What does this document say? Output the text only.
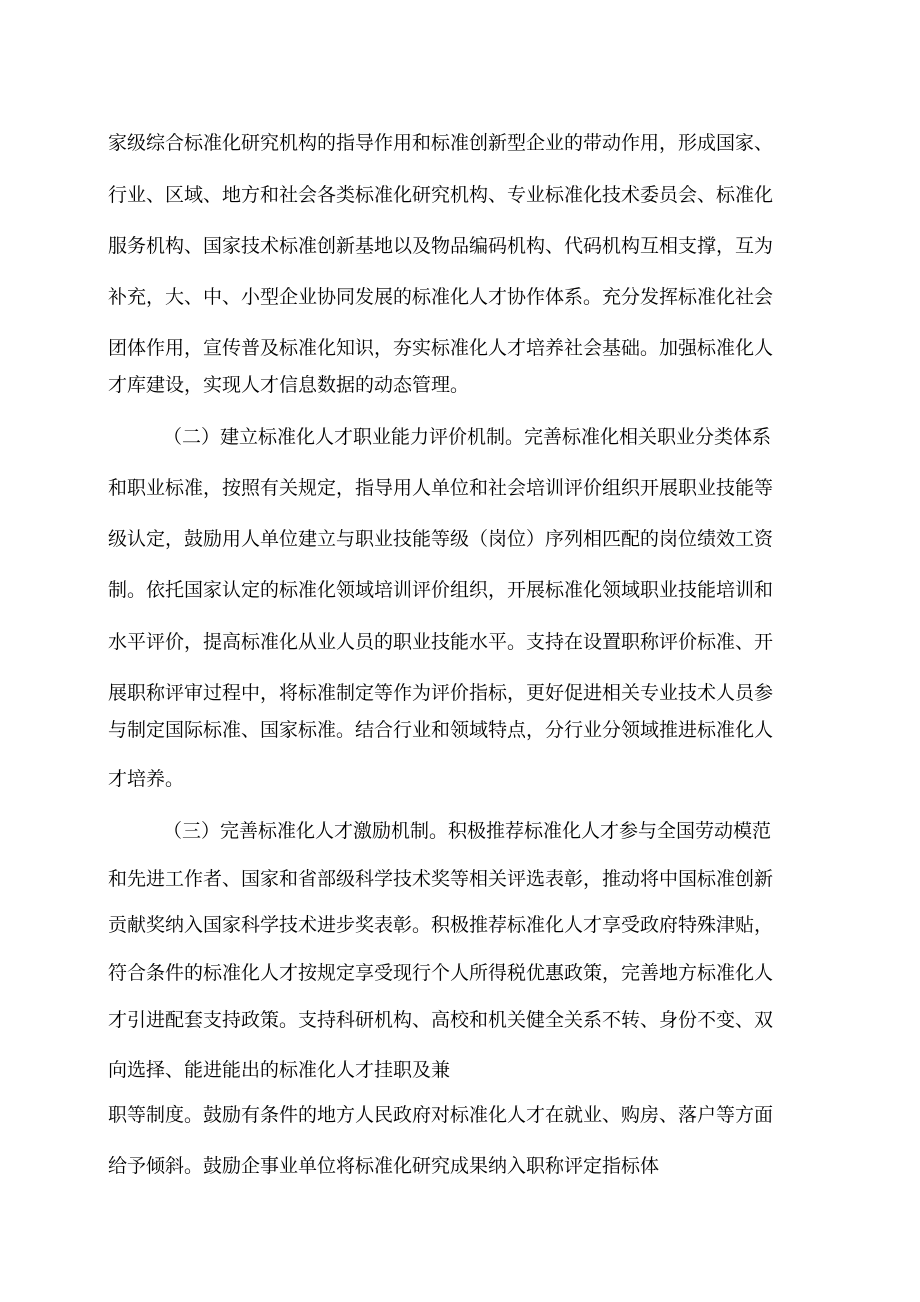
家级综合标准化研究机构的指导作用和标准创新型企业的带动作用，形成国家、

行业、区域、地方和社会各类标准化研究机构、专业标准化技术委员会、标准化

服务机构、国家技术标准创新基地以及物品编码机构、代码机构互相支撑，互为

补充，大、中、小型企业协同发展的标准化人才协作体系。充分发挥标准化社会

团体作用，宣传普及标准化知识，夯实标准化人才培养社会基础。加强标准化人

才库建设，实现人才信息数据的动态管理。

（二）建立标准化人才职业能力评价机制。完善标准化相关职业分类体系

和职业标准，按照有关规定，指导用人单位和社会培训评价组织开展职业技能等

级认定，鼓励用人单位建立与职业技能等级（岗位）序列相匹配的岗位绩效工资

制。依托国家认定的标准化领域培训评价组织，开展标准化领域职业技能培训和

水平评价，提高标准化从业人员的职业技能水平。支持在设置职称评价标准、开

展职称评审过程中，将标准制定等作为评价指标，更好促进相关专业技术人员参

与制定国际标准、国家标准。结合行业和领域特点，分行业分领域推进标准化人

才培养。

（三）完善标准化人才激励机制。积极推荐标准化人才参与全国劳动模范

和先进工作者、国家和省部级科学技术奖等相关评选表彰，推动将中国标准创新

贡献奖纳入国家科学技术进步奖表彰。积极推荐标准化人才享受政府特殊津贴，

符合条件的标准化人才按规定享受现行个人所得税优惠政策，完善地方标准化人

才引进配套支持政策。支持科研机构、高校和机关健全关系不转、身份不变、双

向选择、能进能出的标准化人才挂职及兼

职等制度。鼓励有条件的地方人民政府对标准化人才在就业、购房、落户等方面

给予倾斜。鼓励企事业单位将标准化研究成果纳入职称评定指标体
